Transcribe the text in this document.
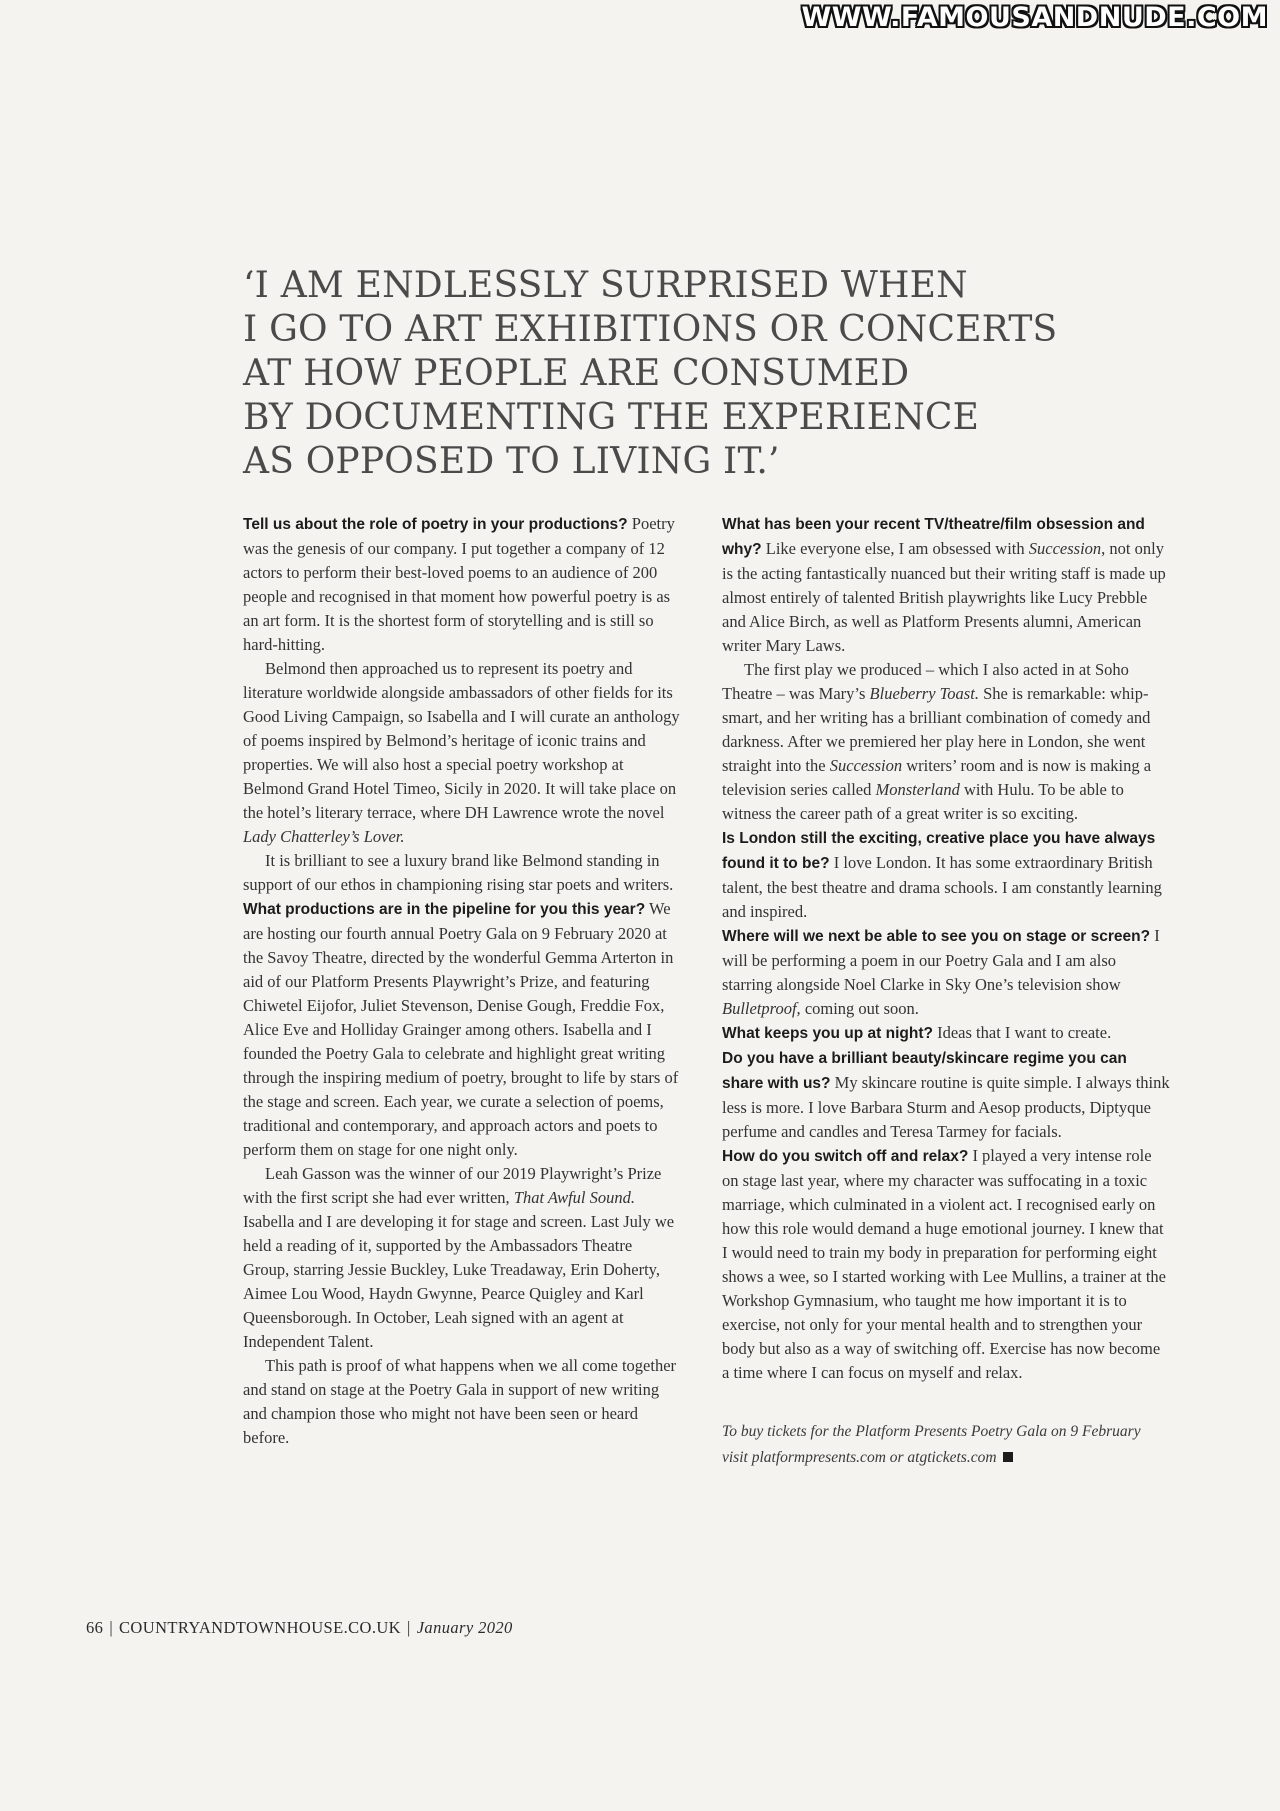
WWW.FAMOUSANDNUDE.COM
‘I AM ENDLESSLY SURPRISED WHEN
I GO TO ART EXHIBITIONS OR CONCERTS
AT HOW PEOPLE ARE CONSUMED
BY DOCUMENTING THE EXPERIENCE
AS OPPOSED TO LIVING IT.’

Tell us about the role of poetry in your productions? Poetry was the genesis of our company. I put together a company of 12 actors to perform their best-loved poems to an audience of 200 people and recognised in that moment how powerful poetry is as an art form. It is the shortest form of storytelling and is still so hard-hitting.

Belmond then approached us to represent its poetry and literature worldwide alongside ambassadors of other fields for its Good Living Campaign, so Isabella and I will curate an anthology of poems inspired by Belmond’s heritage of iconic trains and properties. We will also host a special poetry workshop at Belmond Grand Hotel Timeo, Sicily in 2020. It will take place on the hotel’s literary terrace, where DH Lawrence wrote the novel Lady Chatterley’s Lover.

It is brilliant to see a luxury brand like Belmond standing in support of our ethos in championing rising star poets and writers.

What productions are in the pipeline for you this year? We are hosting our fourth annual Poetry Gala on 9 February 2020 at the Savoy Theatre, directed by the wonderful Gemma Arterton in aid of our Platform Presents Playwright’s Prize, and featuring Chiwetel Eijofor, Juliet Stevenson, Denise Gough, Freddie Fox, Alice Eve and Holliday Grainger among others. Isabella and I founded the Poetry Gala to celebrate and highlight great writing through the inspiring medium of poetry, brought to life by stars of the stage and screen. Each year, we curate a selection of poems, traditional and contemporary, and approach actors and poets to perform them on stage for one night only.

Leah Gasson was the winner of our 2019 Playwright’s Prize with the first script she had ever written, That Awful Sound. Isabella and I are developing it for stage and screen. Last July we held a reading of it, supported by the Ambassadors Theatre Group, starring Jessie Buckley, Luke Treadaway, Erin Doherty, Aimee Lou Wood, Haydn Gwynne, Pearce Quigley and Karl Queensborough. In October, Leah signed with an agent at Independent Talent.

This path is proof of what happens when we all come together and stand on stage at the Poetry Gala in support of new writing and champion those who might not have been seen or heard before.

What has been your recent TV/theatre/film obsession and why? Like everyone else, I am obsessed with Succession, not only is the acting fantastically nuanced but their writing staff is made up almost entirely of talented British playwrights like Lucy Prebble and Alice Birch, as well as Platform Presents alumni, American writer Mary Laws.

The first play we produced – which I also acted in at Soho Theatre – was Mary’s Blueberry Toast. She is remarkable: whip-smart, and her writing has a brilliant combination of comedy and darkness. After we premiered her play here in London, she went straight into the Succession writers’ room and is now is making a television series called Monsterland with Hulu. To be able to witness the career path of a great writer is so exciting.

Is London still the exciting, creative place you have always found it to be? I love London. It has some extraordinary British talent, the best theatre and drama schools. I am constantly learning and inspired.

Where will we next be able to see you on stage or screen? I will be performing a poem in our Poetry Gala and I am also starring alongside Noel Clarke in Sky One’s television show Bulletproof, coming out soon.

What keeps you up at night? Ideas that I want to create.

Do you have a brilliant beauty/skincare regime you can share with us? My skincare routine is quite simple. I always think less is more. I love Barbara Sturm and Aesop products, Diptyque perfume and candles and Teresa Tarmey for facials.

How do you switch off and relax? I played a very intense role on stage last year, where my character was suffocating in a toxic marriage, which culminated in a violent act. I recognised early on how this role would demand a huge emotional journey. I knew that I would need to train my body in preparation for performing eight shows a wee, so I started working with Lee Mullins, a trainer at the Workshop Gymnasium, who taught me how important it is to exercise, not only for your mental health and to strengthen your body but also as a way of switching off. Exercise has now become a time where I can focus on myself and relax.

To buy tickets for the Platform Presents Poetry Gala on 9 February visit platformpresents.com or atgtickets.com

66 | COUNTRYANDTOWNHOUSE.CO.UK | January 2020
